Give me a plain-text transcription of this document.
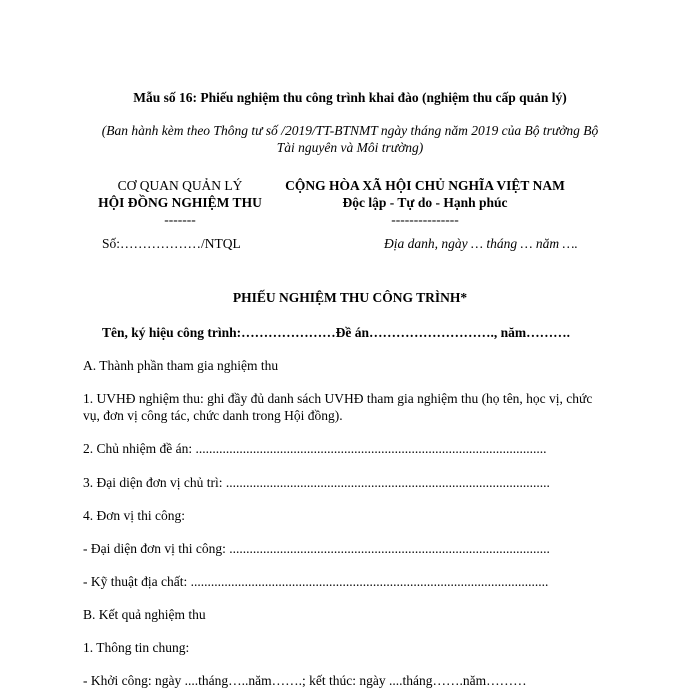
Mẫu số 16: Phiếu nghiệm thu công trình khai đào (nghiệm thu cấp quản lý)
(Ban hành kèm theo Thông tư số /2019/TT-BTNMT ngày tháng năm 2019 của Bộ trưởng Bộ
Tài nguyên và Môi trường)
CƠ QUAN QUẢN LÝ
HỘI ĐỒNG NGHIỆM THU
-------
Số:………………/NTQL
CỘNG HÒA XÃ HỘI CHỦ NGHĨA VIỆT NAM
Độc lập - Tự do - Hạnh phúc
---------------
Địa danh, ngày … tháng … năm ….
PHIẾU NGHIỆM THU CÔNG TRÌNH*
Tên, ký hiệu công trình:…………………Đề án………………………., năm……….
A. Thành phần tham gia nghiệm thu
1. UVHĐ nghiệm thu: ghi đầy đủ danh sách UVHĐ tham gia nghiệm thu (họ tên, học vị, chức
vụ, đơn vị công tác, chức danh trong Hội đồng).
2. Chủ nhiệm đề án: ........................................................................................................
3. Đại diện đơn vị chủ trì: ................................................................................................
4. Đơn vị thi công:
- Đại diện đơn vị thi công: ...............................................................................................
- Kỹ thuật địa chất: ..........................................................................................................
B. Kết quả nghiệm thu
1. Thông tin chung:
- Khởi công: ngày ....tháng…..năm…….; kết thúc: ngày ....tháng…….năm………
